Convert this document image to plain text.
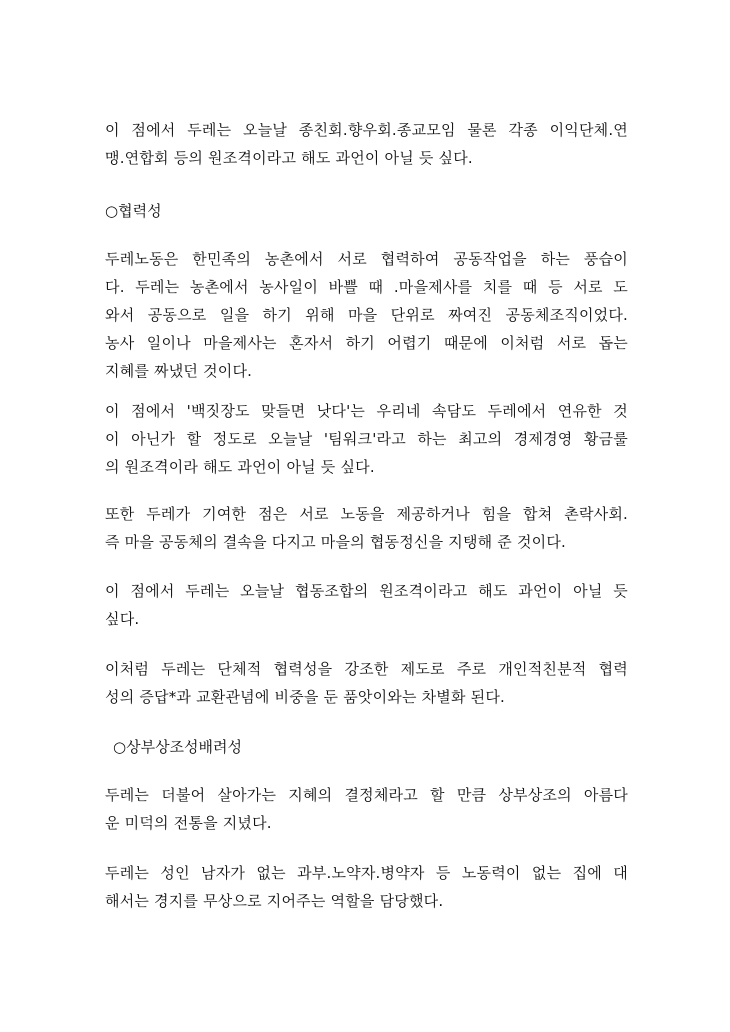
이 점에서 두레는 오늘날 종친회.향우회.종교모임 물론 각종 이익단체.연
맹.연합회 등의 원조격이라고 해도 과언이 아닐 듯 싶다.
○협력성
두레노동은 한민족의 농촌에서 서로 협력하여 공동작업을 하는 풍습이
다. 두레는 농촌에서 농사일이 바쁠 때 .마을제사를 치를 때 등 서로 도
와서 공동으로 일을 하기 위해 마을 단위로 짜여진 공동체조직이었다.
농사 일이나 마을제사는 혼자서 하기 어렵기 때문에 이처럼 서로 돕는
지혜를 짜냈던 것이다.
이 점에서 '백짓장도 맞들면 낫다'는 우리네 속담도 두레에서 연유한 것
이 아닌가 할 정도로 오늘날 '팀워크'라고 하는 최고의 경제경영 황금룰
의 원조격이라 해도 과언이 아닐 듯 싶다.
또한 두레가 기여한 점은 서로 노동을 제공하거나 힘을 합쳐 촌락사회.
즉 마을 공동체의 결속을 다지고 마을의 협동정신을 지탱해 준 것이다.
이 점에서 두레는 오늘날 협동조합의 원조격이라고 해도 과언이 아닐 듯
싶다.
이처럼 두레는 단체적 협력성을 강조한 제도로 주로 개인적친분적 협력
성의 증답*과 교환관념에 비중을 둔 품앗이와는 차별화 된다.
○상부상조성배려성
두레는 더불어 살아가는 지혜의 결정체라고 할 만큼 상부상조의 아름다
운 미덕의 전통을 지녔다.
두레는 성인 남자가 없는 과부.노약자.병약자 등 노동력이 없는 집에 대
해서는 경지를 무상으로 지어주는 역할을 담당했다.
